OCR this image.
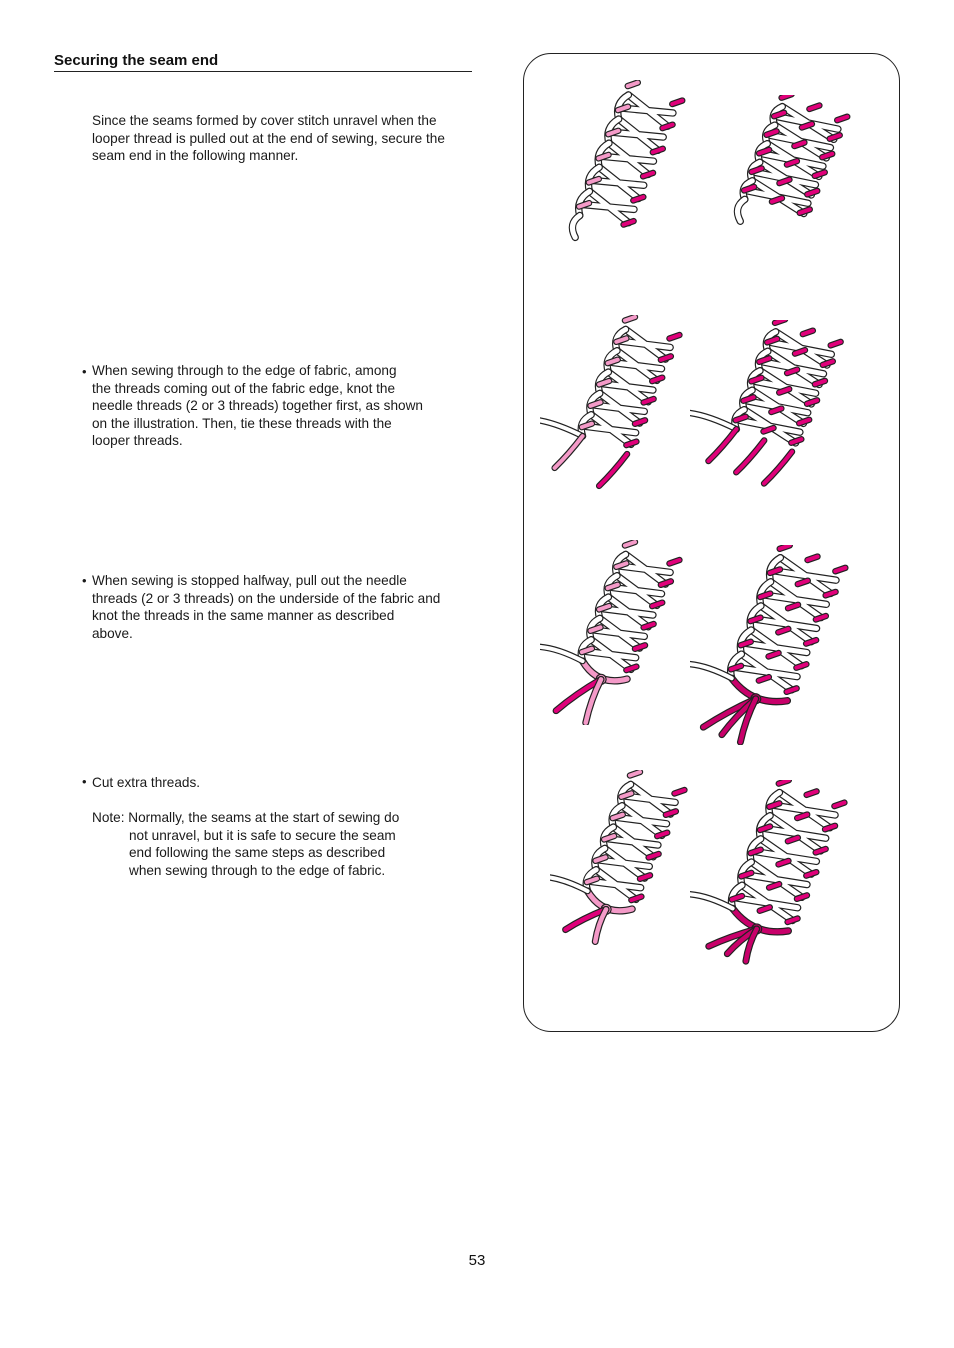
Securing the seam end
Since the seams formed by cover stitch unravel when the
looper thread is pulled out at the end of sewing, secure the
seam end in the following manner.
• When sewing through to the edge of fabric, among
the threads coming out of the fabric edge, knot the
needle threads (2 or 3 threads) together first, as shown
on the illustration. Then, tie these threads with the
looper threads.
• When sewing is stopped halfway, pull out the needle
threads (2 or 3 threads) on the underside of the fabric and
knot the threads in the same manner as described
above.
• Cut extra threads.
Note: Normally, the seams at the start of sewing do
not unravel, but it is safe to secure the seam
end following the same steps as described
when sewing through to the edge of fabric.
53
